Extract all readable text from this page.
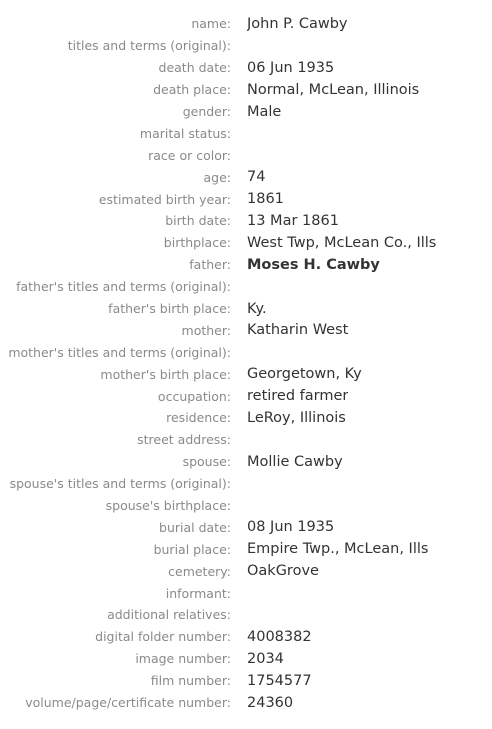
name: John P. Cawby
titles and terms (original):
death date: 06 Jun 1935
death place: Normal, McLean, Illinois
gender: Male
marital status:
race or color:
age: 74
estimated birth year: 1861
birth date: 13 Mar 1861
birthplace: West Twp, McLean Co., Ills
father: Moses H. Cawby
father's titles and terms (original):
father's birth place: Ky.
mother: Katharin West
mother's titles and terms (original):
mother's birth place: Georgetown, Ky
occupation: retired farmer
residence: LeRoy, Illinois
street address:
spouse: Mollie Cawby
spouse's titles and terms (original):
spouse's birthplace:
burial date: 08 Jun 1935
burial place: Empire Twp., McLean, Ills
cemetery: OakGrove
informant:
additional relatives:
digital folder number: 4008382
image number: 2034
film number: 1754577
volume/page/certificate number: 24360
